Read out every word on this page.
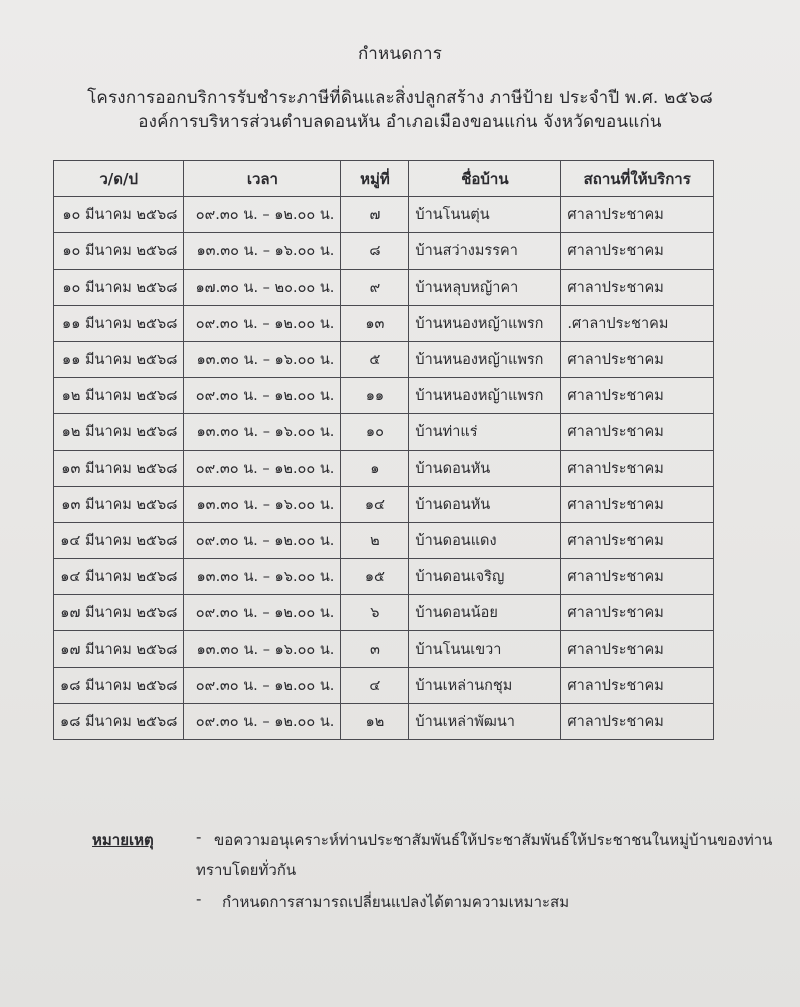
กำหนดการ
โครงการออกบริการรับชำระภาษีที่ดินและสิ่งปลูกสร้าง ภาษีป้าย ประจำปี พ.ศ. ๒๕๖๘
องค์การบริหารส่วนตำบลดอนหัน อำเภอเมืองขอนแก่น จังหวัดขอนแก่น
ว/ด/ป	เวลา	หมู่ที่	ชื่อบ้าน	สถานที่ให้บริการ
๑๐ มีนาคม ๒๕๖๘	๐๙.๓๐ น. – ๑๒.๐๐ น.	๗	บ้านโนนตุ่น	ศาลาประชาคม
๑๐ มีนาคม ๒๕๖๘	๑๓.๓๐ น. – ๑๖.๐๐ น.	๘	บ้านสว่างมรรคา	ศาลาประชาคม
๑๐ มีนาคม ๒๕๖๘	๑๗.๓๐ น. – ๒๐.๐๐ น.	๙	บ้านหลุบหญ้าคา	ศาลาประชาคม
๑๑ มีนาคม ๒๕๖๘	๐๙.๓๐ น. – ๑๒.๐๐ น.	๑๓	บ้านหนองหญ้าแพรก	.ศาลาประชาคม
๑๑ มีนาคม ๒๕๖๘	๑๓.๓๐ น. – ๑๖.๐๐ น.	๕	บ้านหนองหญ้าแพรก	ศาลาประชาคม
๑๒ มีนาคม ๒๕๖๘	๐๙.๓๐ น. – ๑๒.๐๐ น.	๑๑	บ้านหนองหญ้าแพรก	ศาลาประชาคม
๑๒ มีนาคม ๒๕๖๘	๑๓.๓๐ น. – ๑๖.๐๐ น.	๑๐	บ้านท่าแร่	ศาลาประชาคม
๑๓ มีนาคม ๒๕๖๘	๐๙.๓๐ น. – ๑๒.๐๐ น.	๑	บ้านดอนหัน	ศาลาประชาคม
๑๓ มีนาคม ๒๕๖๘	๑๓.๓๐ น. – ๑๖.๐๐ น.	๑๔	บ้านดอนหัน	ศาลาประชาคม
๑๔ มีนาคม ๒๕๖๘	๐๙.๓๐ น. – ๑๒.๐๐ น.	๒	บ้านดอนแดง	ศาลาประชาคม
๑๔ มีนาคม ๒๕๖๘	๑๓.๓๐ น. – ๑๖.๐๐ น.	๑๕	บ้านดอนเจริญ	ศาลาประชาคม
๑๗ มีนาคม ๒๕๖๘	๐๙.๓๐ น. – ๑๒.๐๐ น.	๖	บ้านดอนน้อย	ศาลาประชาคม
๑๗ มีนาคม ๒๕๖๘	๑๓.๓๐ น. – ๑๖.๐๐ น.	๓	บ้านโนนเขวา	ศาลาประชาคม
๑๘ มีนาคม ๒๕๖๘	๐๙.๓๐ น. – ๑๒.๐๐ น.	๔	บ้านเหล่านกชุม	ศาลาประชาคม
๑๘ มีนาคม ๒๕๖๘	๐๙.๓๐ น. – ๑๒.๐๐ น.	๑๒	บ้านเหล่าพัฒนา	ศาลาประชาคม
หมายเหตุ	- ขอความอนุเคราะห์ท่านประชาสัมพันธ์ให้ประชาสัมพันธ์ให้ประชาชนในหมู่บ้านของท่าน
ทราบโดยทั่วกัน
- กำหนดการสามารถเปลี่ยนแปลงได้ตามความเหมาะสม
